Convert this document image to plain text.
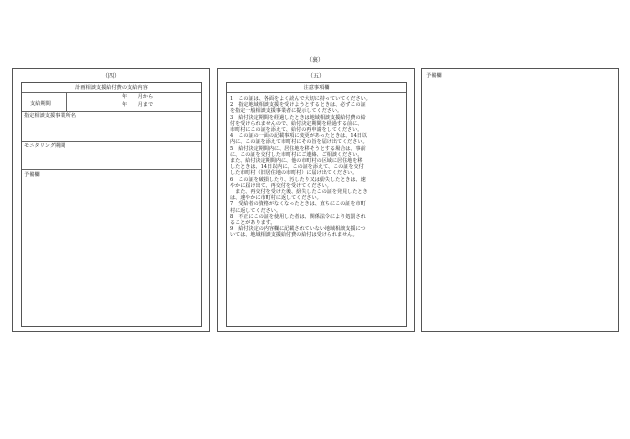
（裏）
（四）
計画相談支援給付費の支給内容
支給期間
年　　月から
年　　月まで
指定相談支援事業所名
モニタリング期間
予備欄
（五）
注意事項欄
1　この証は、各面をよく読んで大切に持っていてください。
2　指定地域相談支援を受けようとするときは、必ずこの証
を指定一般相談支援事業者に提示してください。
3　給付決定期間を経過したときは地域相談支援給付費の給
付を受けられませんので、給付決定期間を経過する前に、
市町村にこの証を添えて、給付の再申請をしてください。
4　この証の一面の記載事項に変更があったときは、14日以
内に、この証を添えて市町村にその旨を届け出てください。
5　給付決定期間内に、居住地を移そうとする場合は、事前
に、この証を交付した市町村にご連絡、ご相談ください。
また、給付決定期間内に、他の市町村の区域に居住地を移
したときは、14日以内に、この証を添えて、この証を交付
した市町村（旧居住地の市町村）に届け出てください。
6　この証を破損したり、汚したり又は紛失したときは、速
やかに届け出て、再交付を受けてください。
　また、再交付を受けた後、紛失したこの証を発見したとき
は、速やかに市町村に返してください。
7　受給者の資格がなくなったときは、直ちにこの証を市町
村に返してください。
8　不正にこの証を使用した者は、関係法令により処罰され
ることがあります。
9　給付決定の内容欄に記載されていない地域相談支援につ
いては、地域相談支援給付費の給付は受けられません。
予備欄
